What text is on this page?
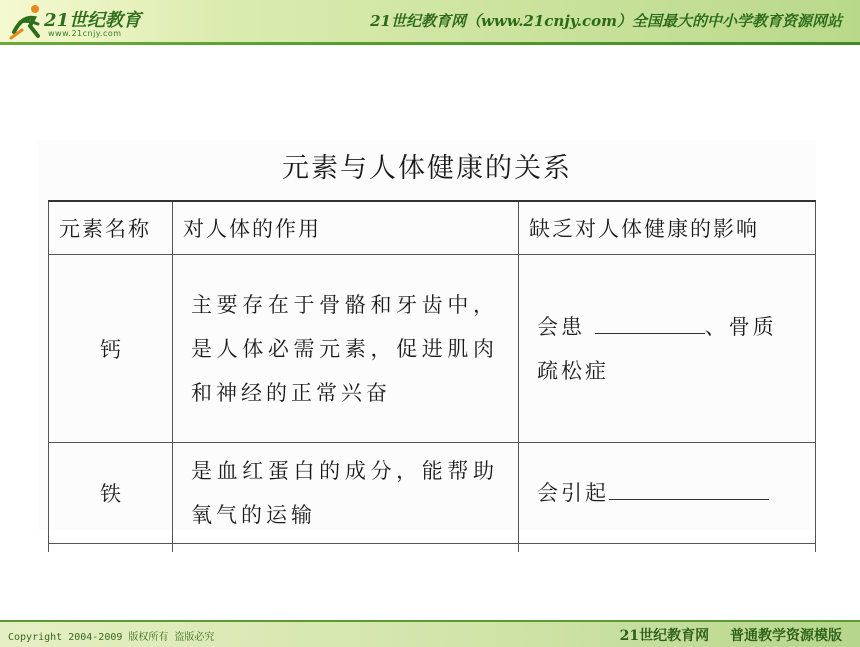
21世纪教育
www.21cnjy.com
21世纪教育网（www.21cnjy.com）全国最大的中小学教育资源网站
元素与人体健康的关系
元素名称	对人体的作用	缺乏对人体健康的影响
钙	主要存在于骨骼和牙齿中，是人体必需元素，促进肌肉和神经的正常兴奋	会患 、骨质疏松症
铁	是血红蛋白的成分，能帮助氧气的运输	会引起

Copyright 2004-2009 版权所有 盗版必究	21世纪教育网 普通教学资源模版
